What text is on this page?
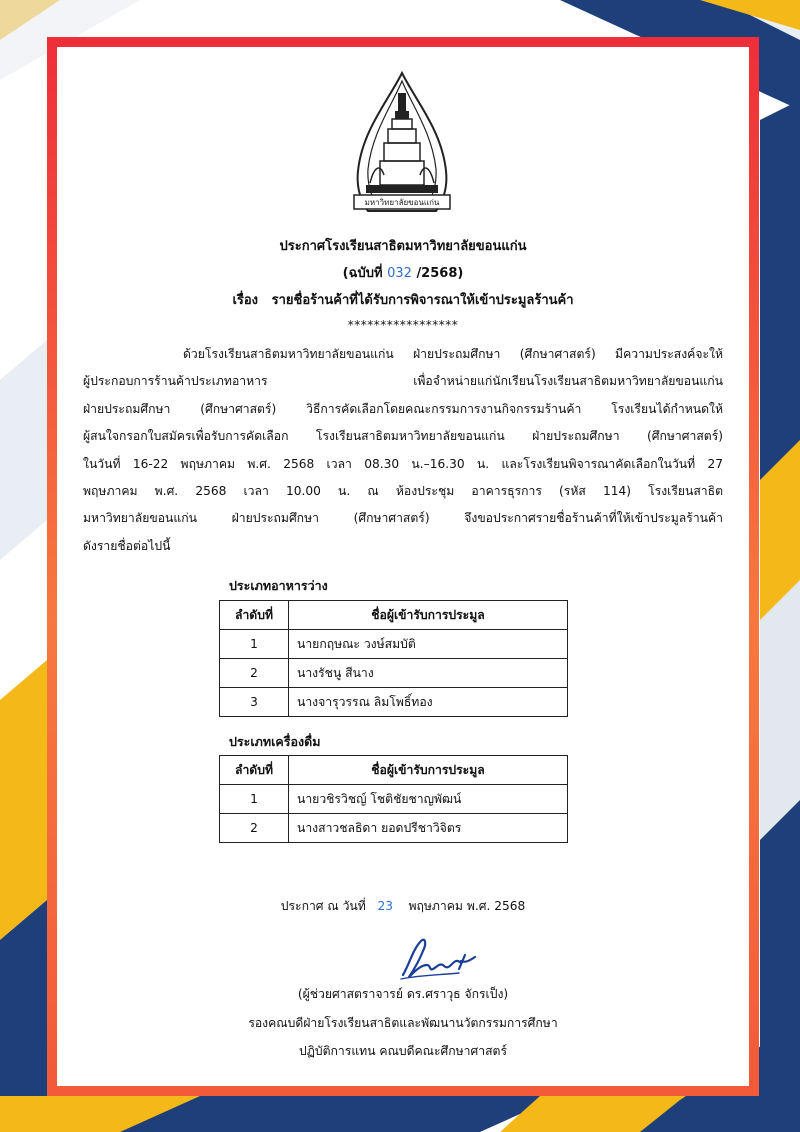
มหาวิทยาลัยขอนแก่น
ประกาศโรงเรียนสาธิตมหาวิทยาลัยขอนแก่น
(ฉบับที่ 032 /2568)
เรื่อง รายชื่อร้านค้าที่ได้รับการพิจารณาให้เข้าประมูลร้านค้า
*****************

ด้วยโรงเรียนสาธิตมหาวิทยาลัยขอนแก่น ฝ่ายประถมศึกษา (ศึกษาศาสตร์) มีความประสงค์จะให้

ผู้ประกอบการร้านค้าประเภทอาหาร เพื่อจำหน่ายแก่นักเรียนโรงเรียนสาธิตมหาวิทยาลัยขอนแก่น

ฝ่ายประถมศึกษา (ศึกษาศาสตร์) วิธีการคัดเลือกโดยคณะกรรมการงานกิจกรรมร้านค้า โรงเรียนได้กำหนดให้

ผู้สนใจกรอกใบสมัครเพื่อรับการคัดเลือก โรงเรียนสาธิตมหาวิทยาลัยขอนแก่น ฝ่ายประถมศึกษา (ศึกษาศาสตร์)

ในวันที่ 16-22 พฤษภาคม พ.ศ. 2568 เวลา 08.30 น.–16.30 น. และโรงเรียนพิจารณาคัดเลือกในวันที่ 27

พฤษภาคม พ.ศ. 2568 เวลา 10.00 น. ณ ห้องประชุม อาคารธุรการ (รหัส 114) โรงเรียนสาธิต

มหาวิทยาลัยขอนแก่น ฝ่ายประถมศึกษา (ศึกษาศาสตร์) จึงขอประกาศรายชื่อร้านค้าที่ให้เข้าประมูลร้านค้า

ดังรายชื่อต่อไปนี้

ประเภทอาหารว่าง
ลำดับที่	ชื่อผู้เข้ารับการประมูล
1	นายกฤษณะ วงษ์สมบัติ
2	นางรัชนู สีนาง
3	นางจารุวรรณ ลิมโพธิ์ทอง
ประเภทเครื่องดื่ม
ลำดับที่	ชื่อผู้เข้ารับการประมูล
1	นายวชิรวิชญ์ โชติชัยชาญพัฒน์
2	นางสาวชลธิดา ยอดปรีชาวิจิตร
ประกาศ ณ วันที่ 23 พฤษภาคม พ.ศ. 2568
(ผู้ช่วยศาสตราจารย์ ดร.ศราวุธ จักรเป็ง)
รองคณบดีฝ่ายโรงเรียนสาธิตและพัฒนานวัตกรรมการศึกษา
ปฏิบัติการแทน คณบดีคณะศึกษาศาสตร์
